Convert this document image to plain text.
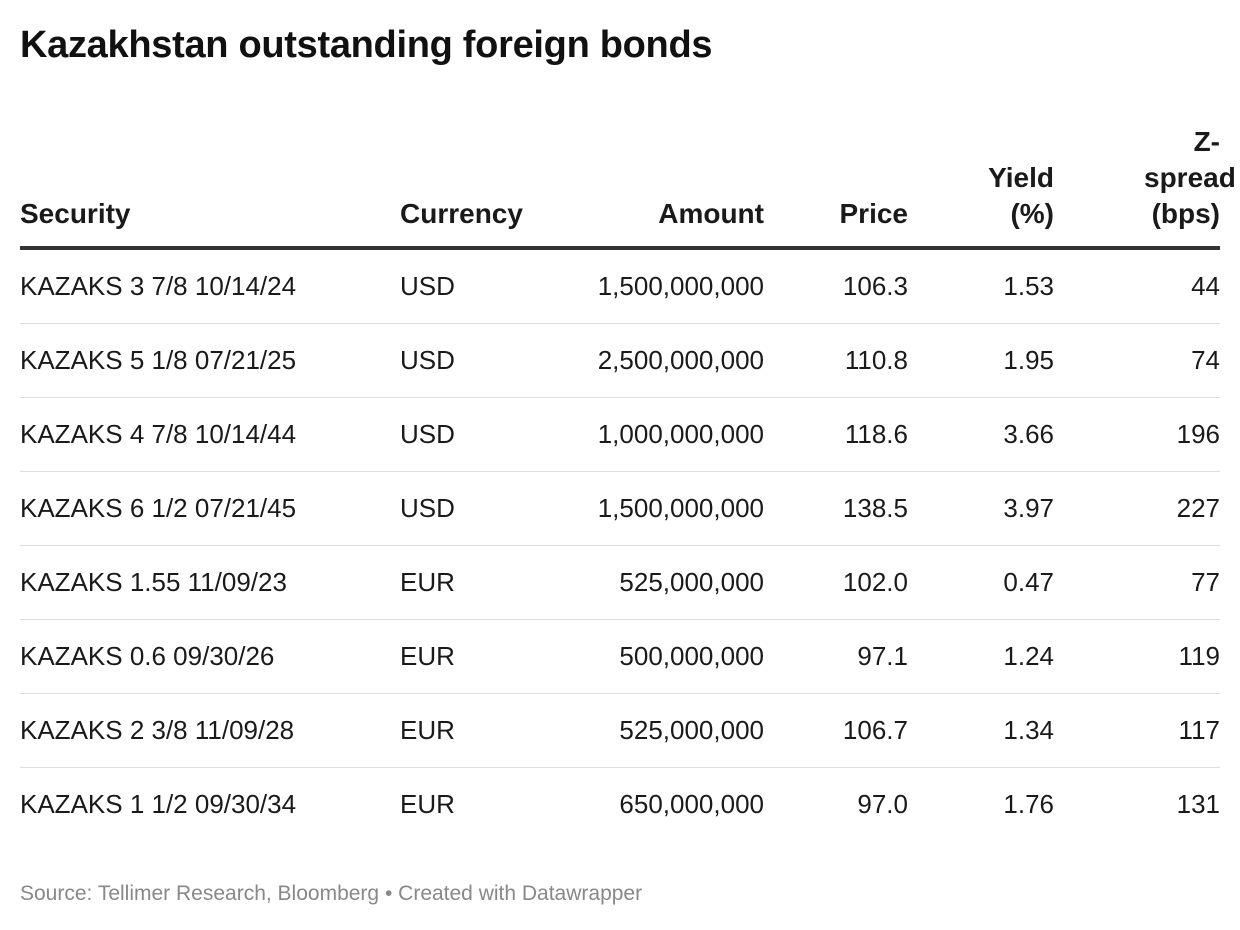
Kazakhstan outstanding foreign bonds
Security	Currency	Amount	Price	Yield (%)	Z-spread (bps)
KAZAKS 3 7/8 10/14/24	USD	1,500,000,000	106.3	1.53	44
KAZAKS 5 1/8 07/21/25	USD	2,500,000,000	110.8	1.95	74
KAZAKS 4 7/8 10/14/44	USD	1,000,000,000	118.6	3.66	196
KAZAKS 6 1/2 07/21/45	USD	1,500,000,000	138.5	3.97	227
KAZAKS 1.55 11/09/23	EUR	525,000,000	102.0	0.47	77
KAZAKS 0.6 09/30/26	EUR	500,000,000	97.1	1.24	119
KAZAKS 2 3/8 11/09/28	EUR	525,000,000	106.7	1.34	117
KAZAKS 1 1/2 09/30/34	EUR	650,000,000	97.0	1.76	131
Source: Tellimer Research, Bloomberg • Created with Datawrapper
